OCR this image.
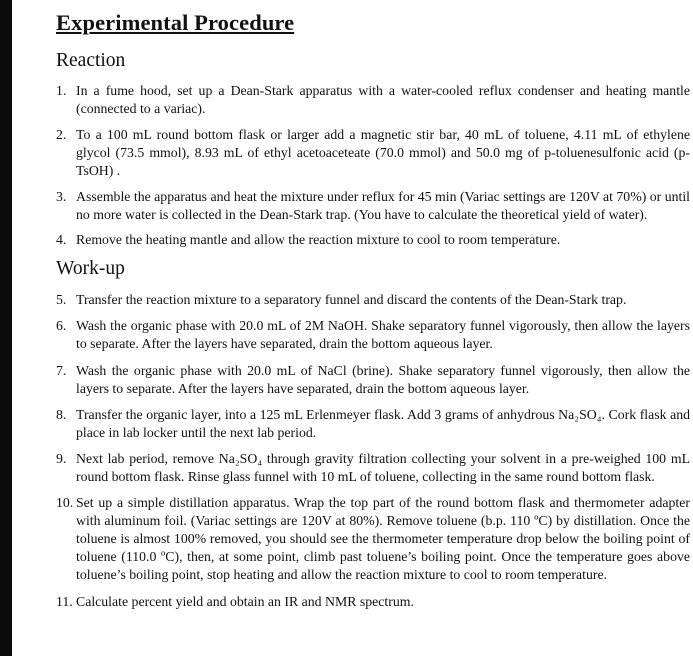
Experimental Procedure
Reaction
1. In a fume hood, set up a Dean-Stark apparatus with a water-cooled reflux condenser and heating mantle (connected to a variac).
2. To a 100 mL round bottom flask or larger add a magnetic stir bar, 40 mL of toluene, 4.11 mL of ethylene glycol (73.5 mmol), 8.93 mL of ethyl acetoaceteate (70.0 mmol) and 50.0 mg of p-toluenesulfonic acid (p-TsOH) .
3. Assemble the apparatus and heat the mixture under reflux for 45 min (Variac settings are 120V at 70%) or until no more water is collected in the Dean-Stark trap. (You have to calculate the theoretical yield of water).
4. Remove the heating mantle and allow the reaction mixture to cool to room temperature.
Work-up
5. Transfer the reaction mixture to a separatory funnel and discard the contents of the Dean-Stark trap.
6. Wash the organic phase with 20.0 mL of 2M NaOH. Shake separatory funnel vigorously, then allow the layers to separate. After the layers have separated, drain the bottom aqueous layer.
7. Wash the organic phase with 20.0 mL of NaCl (brine). Shake separatory funnel vigorously, then allow the layers to separate. After the layers have separated, drain the bottom aqueous layer.
8. Transfer the organic layer, into a 125 mL Erlenmeyer flask. Add 3 grams of anhydrous Na₂SO₄. Cork flask and place in lab locker until the next lab period.
9. Next lab period, remove Na₂SO₄ through gravity filtration collecting your solvent in a pre-weighed 100 mL round bottom flask. Rinse glass funnel with 10 mL of toluene, collecting in the same round bottom flask.
10. Set up a simple distillation apparatus. Wrap the top part of the round bottom flask and thermometer adapter with aluminum foil. (Variac settings are 120V at 80%). Remove toluene (b.p. 110 ºC) by distillation. Once the toluene is almost 100% removed, you should see the thermometer temperature drop below the boiling point of toluene (110.0 ºC), then, at some point, climb past toluene’s boiling point. Once the temperature goes above toluene’s boiling point, stop heating and allow the reaction mixture to cool to room temperature.
11. Calculate percent yield and obtain an IR and NMR spectrum.
